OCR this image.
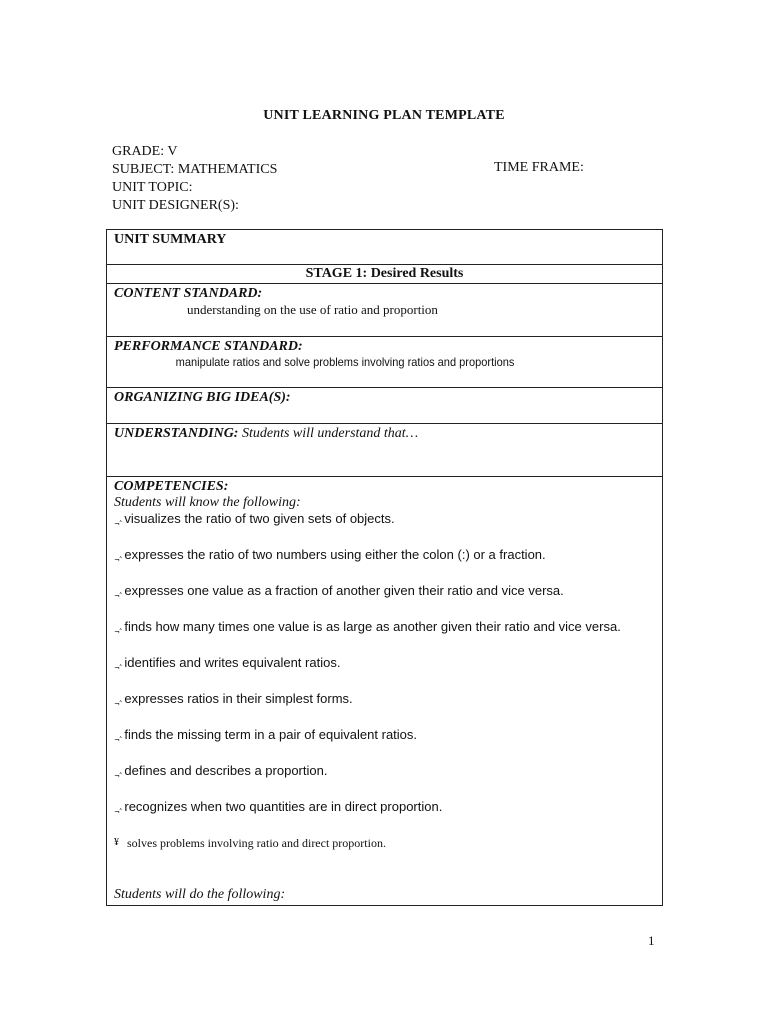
UNIT LEARNING PLAN TEMPLATE
GRADE: V
SUBJECT: MATHEMATICS	TIME FRAME:
UNIT TOPIC:
UNIT DESIGNER(S):
UNIT SUMMARY
STAGE 1: Desired Results

CONTENT STANDARD:
understanding on the use of ratio and proportion

PERFORMANCE STANDARD:
manipulate ratios and solve problems involving ratios and proportions

ORGANIZING BIG IDEA(S):
UNDERSTANDING: Students will understand that…

COMPETENCIES:
Students will know the following:
$_{\neg˄}$ visualizes the ratio of two given sets of objects.
$_{\neg˄}$ expresses the ratio of two numbers using either the colon (:) or a fraction.
$_{\neg˄}$ expresses one value as a fraction of another given their ratio and vice versa.
$_{\neg˄}$ finds how many times one value is as large as another given their ratio and vice versa.
$_{\neg˄}$ identifies and writes equivalent ratios.
$_{\neg˄}$ expresses ratios in their simplest forms.
$_{\neg˄}$ finds the missing term in a pair of equivalent ratios.
$_{\neg˄}$ defines and describes a proportion.
$_{\neg˄}$ recognizes when two quantities are in direct proportion.
¥ solves problems involving ratio and direct proportion.
Students will do the following:
1
